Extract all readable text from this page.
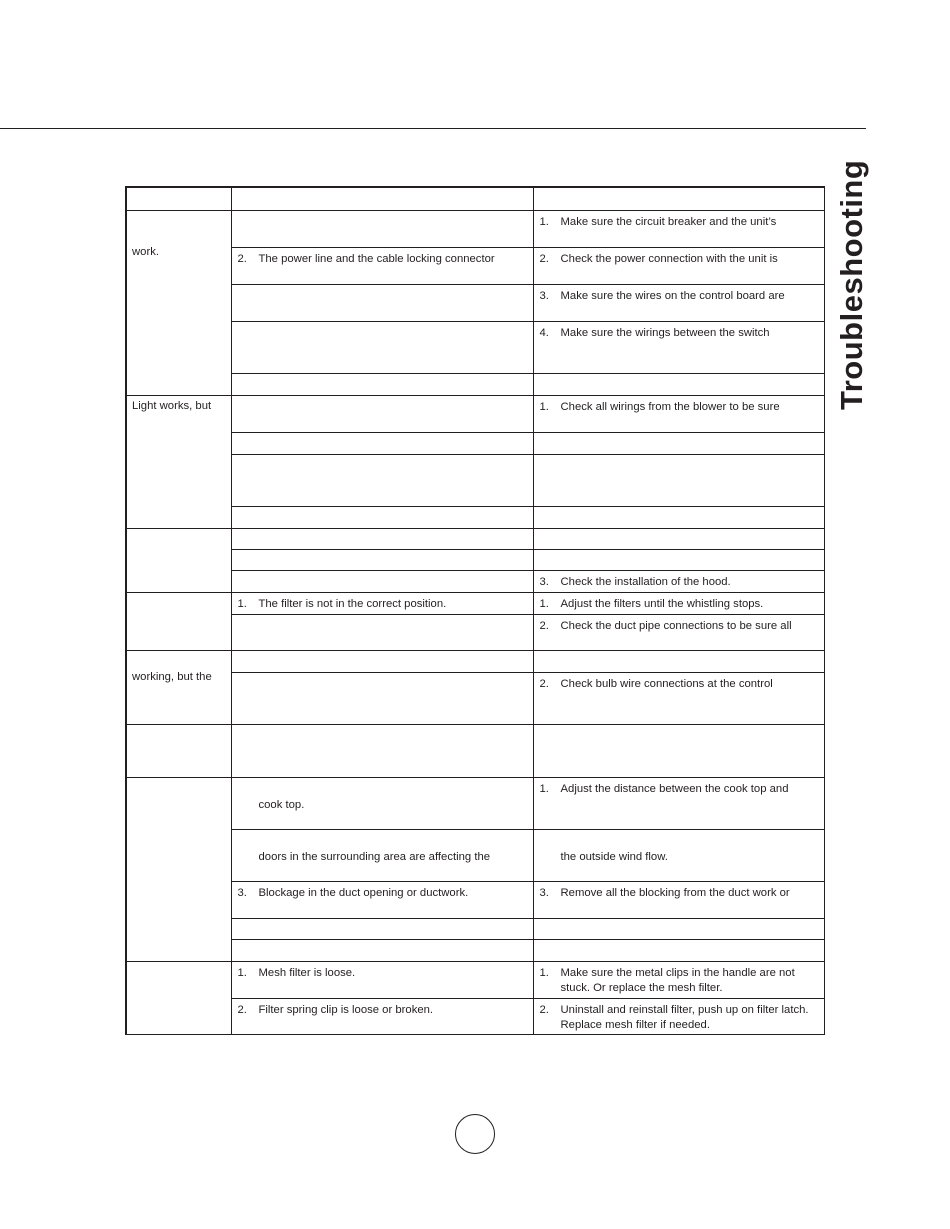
Troubleshooting

work.		1. Make sure the circuit breaker and the unit’s

	2. The power line and the cable locking connector	2. Check the power connection with the unit is

		3. Make sure the wires on the control board are

		4. Make sure the wirings between the switch

Light works, but		1. Check all wirings from the blower to be sure

		3. Check the installation of the hood.

	1. The filter is not in the correct position.	1. Adjust the filters until the whistling stops.

		2. Check the duct pipe connections to be sure all

working, but the		

		2. Check bulb wire connections at the control

	cook top.	1. Adjust the distance between the cook top and

	doors in the surrounding area are affecting the	the outside wind flow.

	3. Blockage in the duct opening or ductwork.	3. Remove all the blocking from the duct work or

	1. Mesh filter is loose.	1. Make sure the metal clips in the handle are not stuck. Or replace the mesh filter.

	2. Filter spring clip is loose or broken.	2. Uninstall and reinstall filter, push up on filter latch. Replace mesh filter if needed.
